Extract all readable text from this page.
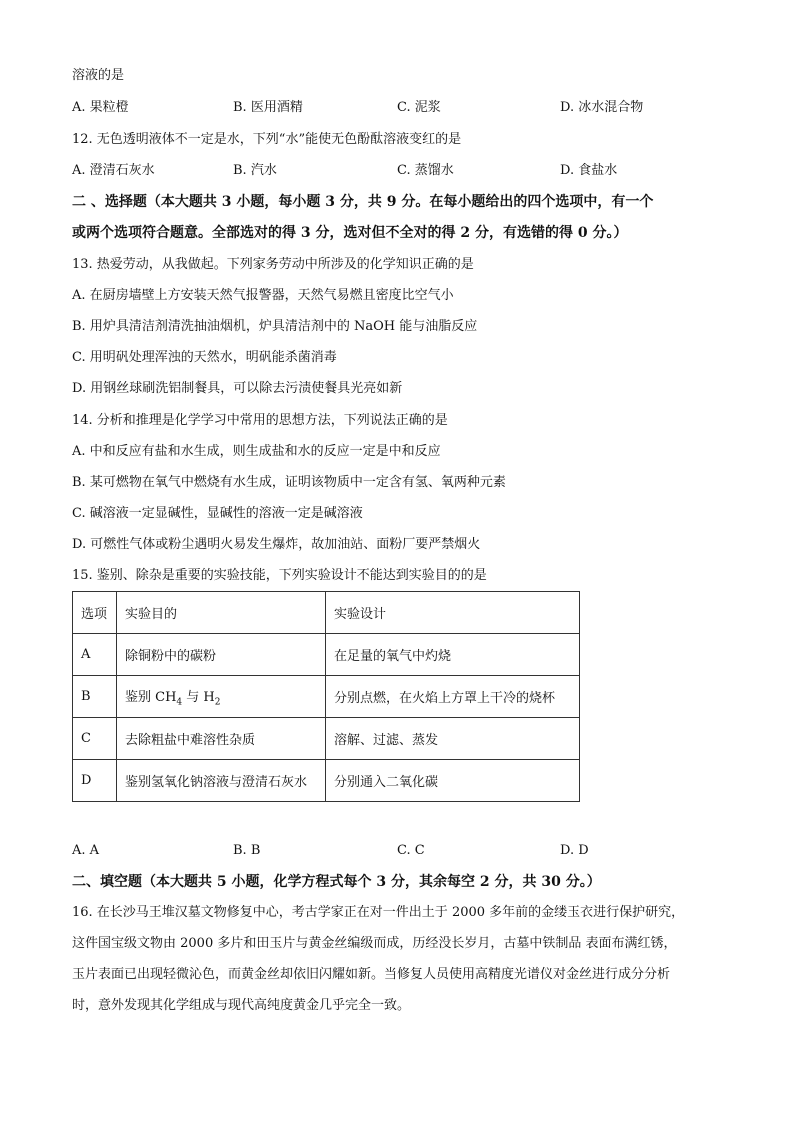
溶液的是
A. 果粒橙	B. 医用酒精	C. 泥浆	D. 冰水混合物
12. 无色透明液体不一定是水，下列“水”能使无色酚酞溶液变红的是
A. 澄清石灰水	B. 汽水	C. 蒸馏水	D. 食盐水
二 、选择题（本大题共 3 小题，每小题 3 分，共 9 分。在每小题给出的四个选项中，有一个
或两个选项符合题意。全部选对的得 3 分，选对但不全对的得 2 分，有选错的得 0 分。）
13. 热爱劳动，从我做起。下列家务劳动中所涉及的化学知识正确的是
A. 在厨房墙壁上方安装天然气报警器，天然气易燃且密度比空气小
B. 用炉具清洁剂清洗抽油烟机，炉具清洁剂中的 NaOH 能与油脂反应
C. 用明矾处理浑浊的天然水，明矾能杀菌消毒
D. 用钢丝球刷洗铝制餐具，可以除去污渍使餐具光亮如新
14. 分析和推理是化学学习中常用的思想方法，下列说法正确的是
A. 中和反应有盐和水生成，则生成盐和水的反应一定是中和反应
B. 某可燃物在氧气中燃烧有水生成，证明该物质中一定含有氢、氧两种元素
C. 碱溶液一定显碱性，显碱性的溶液一定是碱溶液
D. 可燃性气体或粉尘遇明火易发生爆炸，故加油站、面粉厂要严禁烟火
15. 鉴别、除杂是重要的实验技能，下列实验设计不能达到实验目的的是
选项	实验目的	实验设计
A	除铜粉中的碳粉	在足量的氧气中灼烧
B	鉴别 $CH_4$ 与 $H_2$	分别点燃，在火焰上方罩上干冷的烧杯
C	去除粗盐中难溶性杂质	溶解、过滤、蒸发
D	鉴别氢氧化钠溶液与澄清石灰水	分别通入二氧化碳
A. A	B. B	C. C	D. D
二、填空题（本大题共 5 小题，化学方程式每个 3 分，其余每空 2 分，共 30 分。）
16. 在长沙马王堆汉墓文物修复中心，考古学家正在对一件出土于 2000 多年前的金缕玉衣进行保护研究，
这件国宝级文物由 2000 多片和田玉片与黄金丝编级而成，历经没长岁月，古墓中铁制品 表面布满红锈，
玉片表面已出现轻微沁色，而黄金丝却依旧闪耀如新。当修复人员使用高精度光谱仪对金丝进行成分分析
时，意外发现其化学组成与现代高纯度黄金几乎完全一致。
